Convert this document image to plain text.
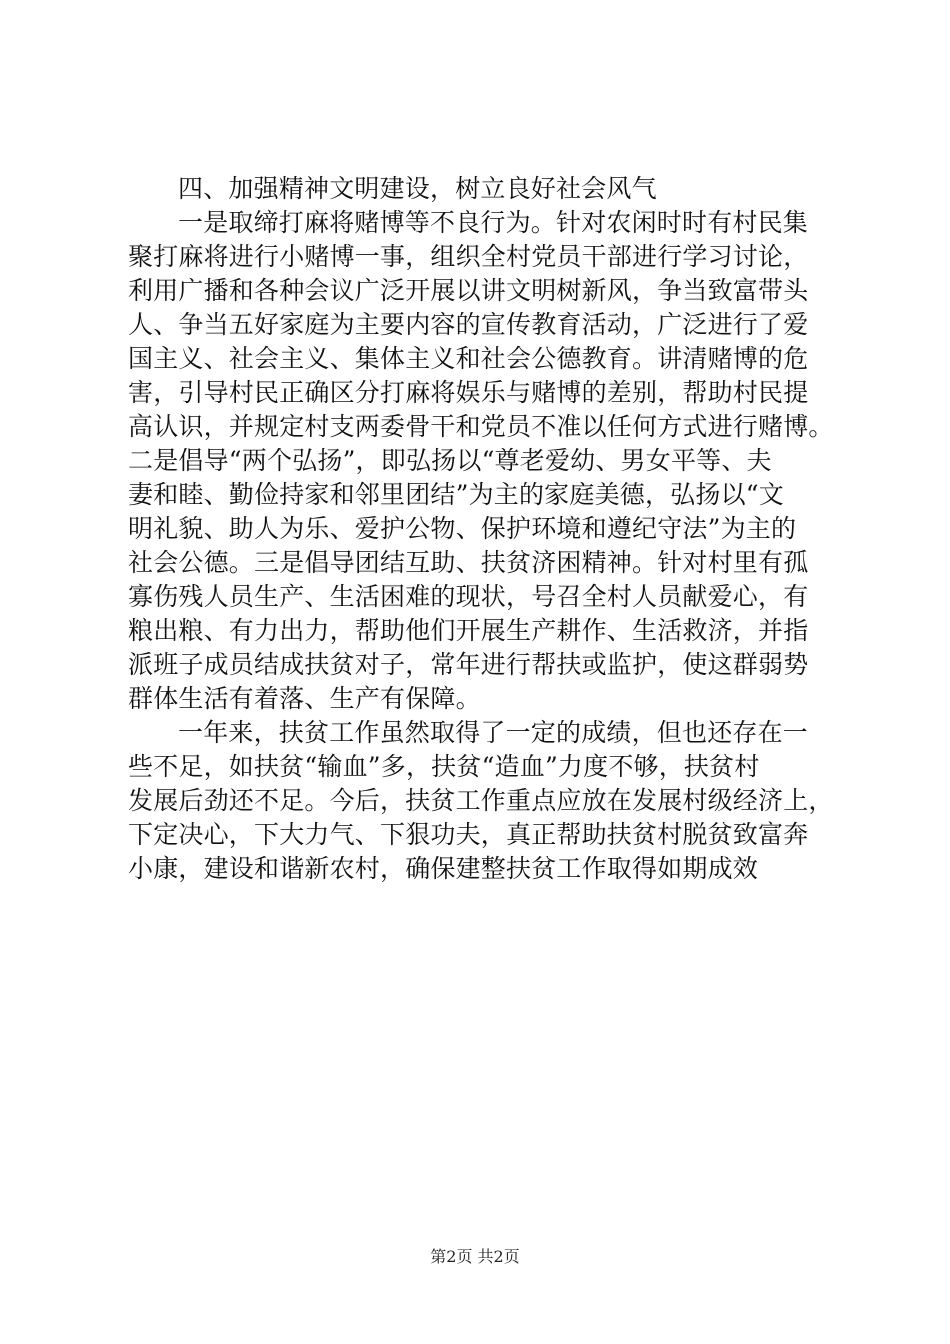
四、加强精神文明建设，树立良好社会风气
一是取缔打麻将赌博等不良行为。针对农闲时时有村民集
聚打麻将进行小赌博一事，组织全村党员干部进行学习讨论，
利用广播和各种会议广泛开展以讲文明树新风，争当致富带头
人、争当五好家庭为主要内容的宣传教育活动，广泛进行了爱
国主义、社会主义、集体主义和社会公德教育。讲清赌博的危
害，引导村民正确区分打麻将娱乐与赌博的差别，帮助村民提
高认识，并规定村支两委骨干和党员不准以任何方式进行赌博。
二是倡导“两个弘扬”，即弘扬以“尊老爱幼、男女平等、夫
妻和睦、勤俭持家和邻里团结”为主的家庭美德，弘扬以“文
明礼貌、助人为乐、爱护公物、保护环境和遵纪守法”为主的
社会公德。三是倡导团结互助、扶贫济困精神。针对村里有孤
寡伤残人员生产、生活困难的现状，号召全村人员献爱心，有
粮出粮、有力出力，帮助他们开展生产耕作、生活救济，并指
派班子成员结成扶贫对子，常年进行帮扶或监护，使这群弱势
群体生活有着落、生产有保障。
一年来，扶贫工作虽然取得了一定的成绩，但也还存在一
些不足，如扶贫“输血”多，扶贫“造血”力度不够，扶贫村
发展后劲还不足。今后，扶贫工作重点应放在发展村级经济上，
下定决心，下大力气、下狠功夫，真正帮助扶贫村脱贫致富奔
小康，建设和谐新农村，确保建整扶贫工作取得如期成效
第2页 共2页
